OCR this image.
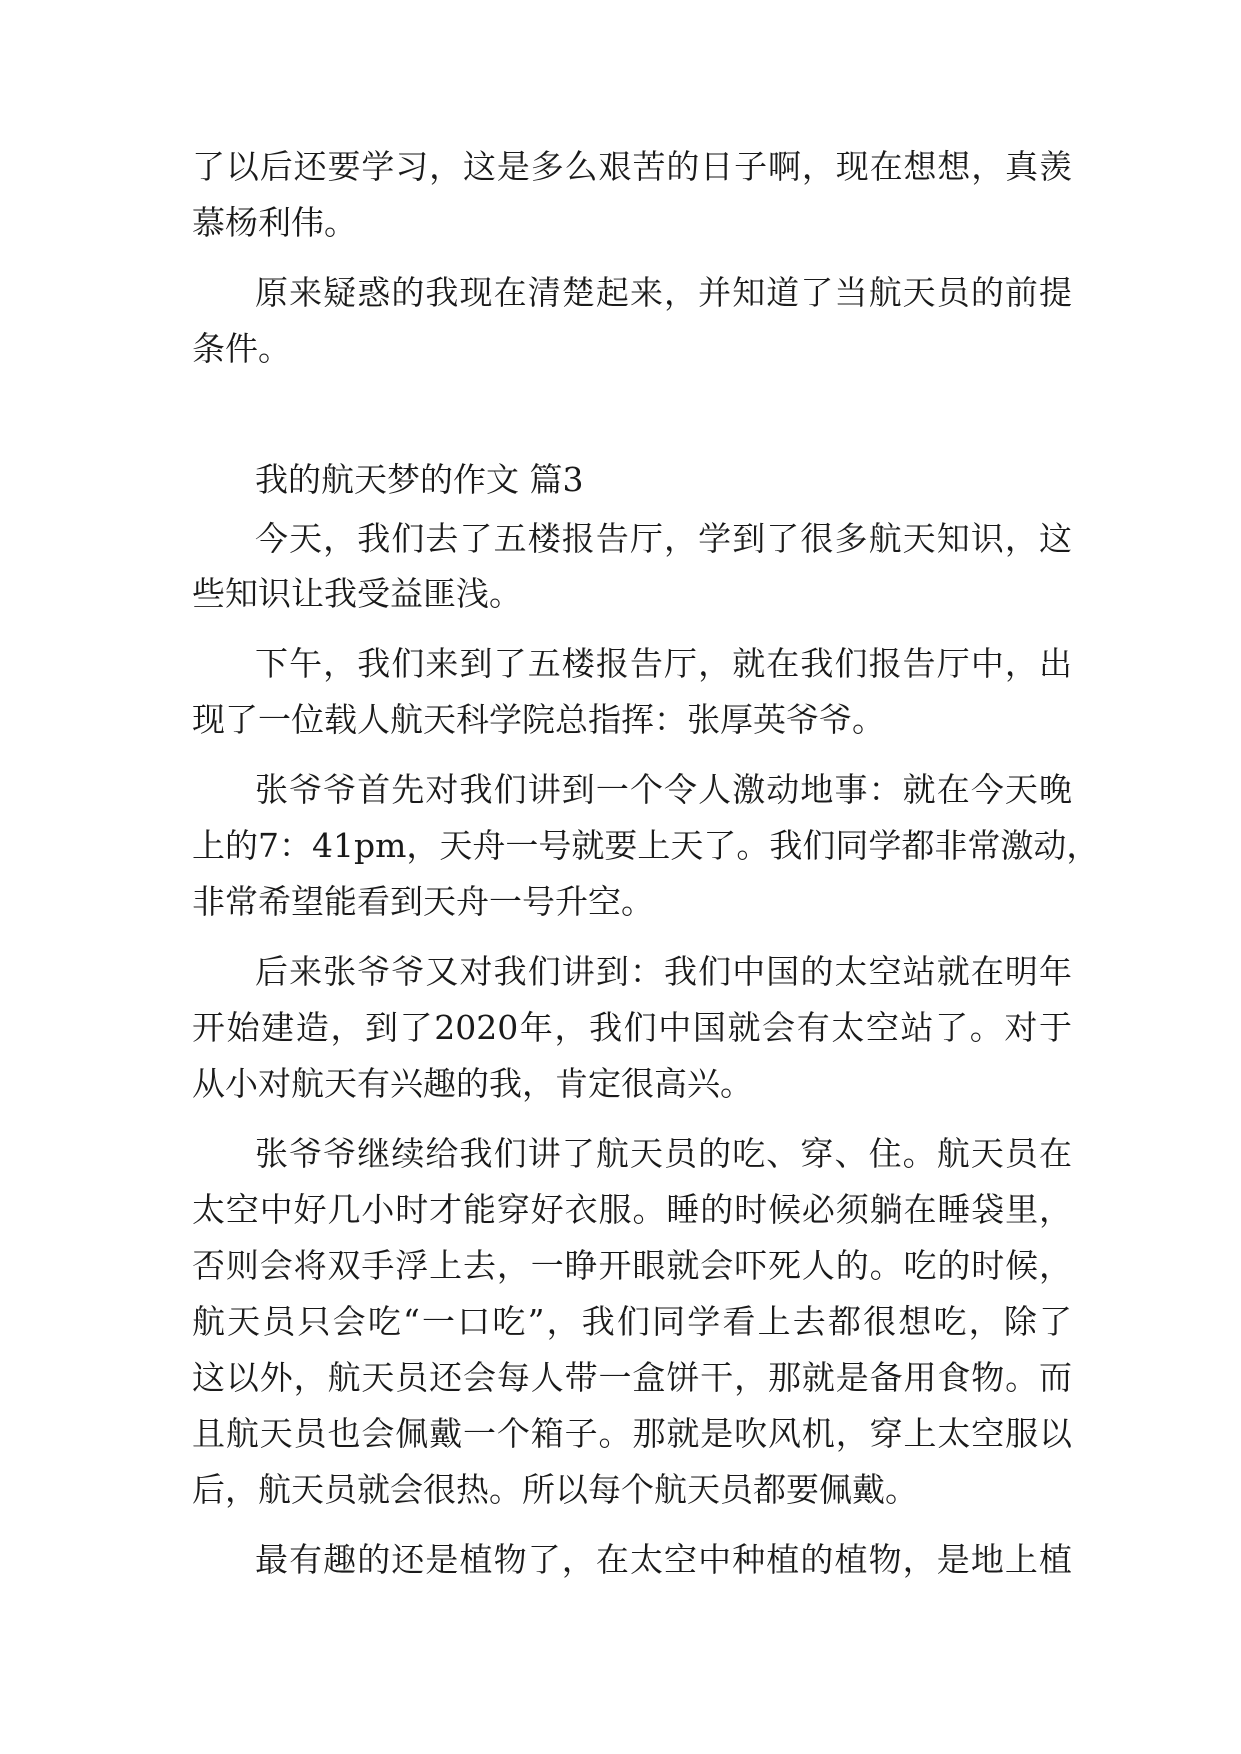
了以后还要学习，这是多么艰苦的日子啊，现在想想，真羡
慕杨利伟。
原来疑惑的我现在清楚起来，并知道了当航天员的前提
条件。
我的航天梦的作文 篇3
今天，我们去了五楼报告厅，学到了很多航天知识，这
些知识让我受益匪浅。
下午，我们来到了五楼报告厅，就在我们报告厅中，出
现了一位载人航天科学院总指挥：张厚英爷爷。
张爷爷首先对我们讲到一个令人激动地事：就在今天晚
上的7：41pm，天舟一号就要上天了。我们同学都非常激动，
非常希望能看到天舟一号升空。
后来张爷爷又对我们讲到：我们中国的太空站就在明年
开始建造，到了2020年，我们中国就会有太空站了。对于
从小对航天有兴趣的我，肯定很高兴。
张爷爷继续给我们讲了航天员的吃、穿、住。航天员在
太空中好几小时才能穿好衣服。睡的时候必须躺在睡袋里，
否则会将双手浮上去，一睁开眼就会吓死人的。吃的时候，
航天员只会吃“一口吃”，我们同学看上去都很想吃，除了
这以外，航天员还会每人带一盒饼干，那就是备用食物。而
且航天员也会佩戴一个箱子。那就是吹风机，穿上太空服以
后，航天员就会很热。所以每个航天员都要佩戴。
最有趣的还是植物了，在太空中种植的植物，是地上植
